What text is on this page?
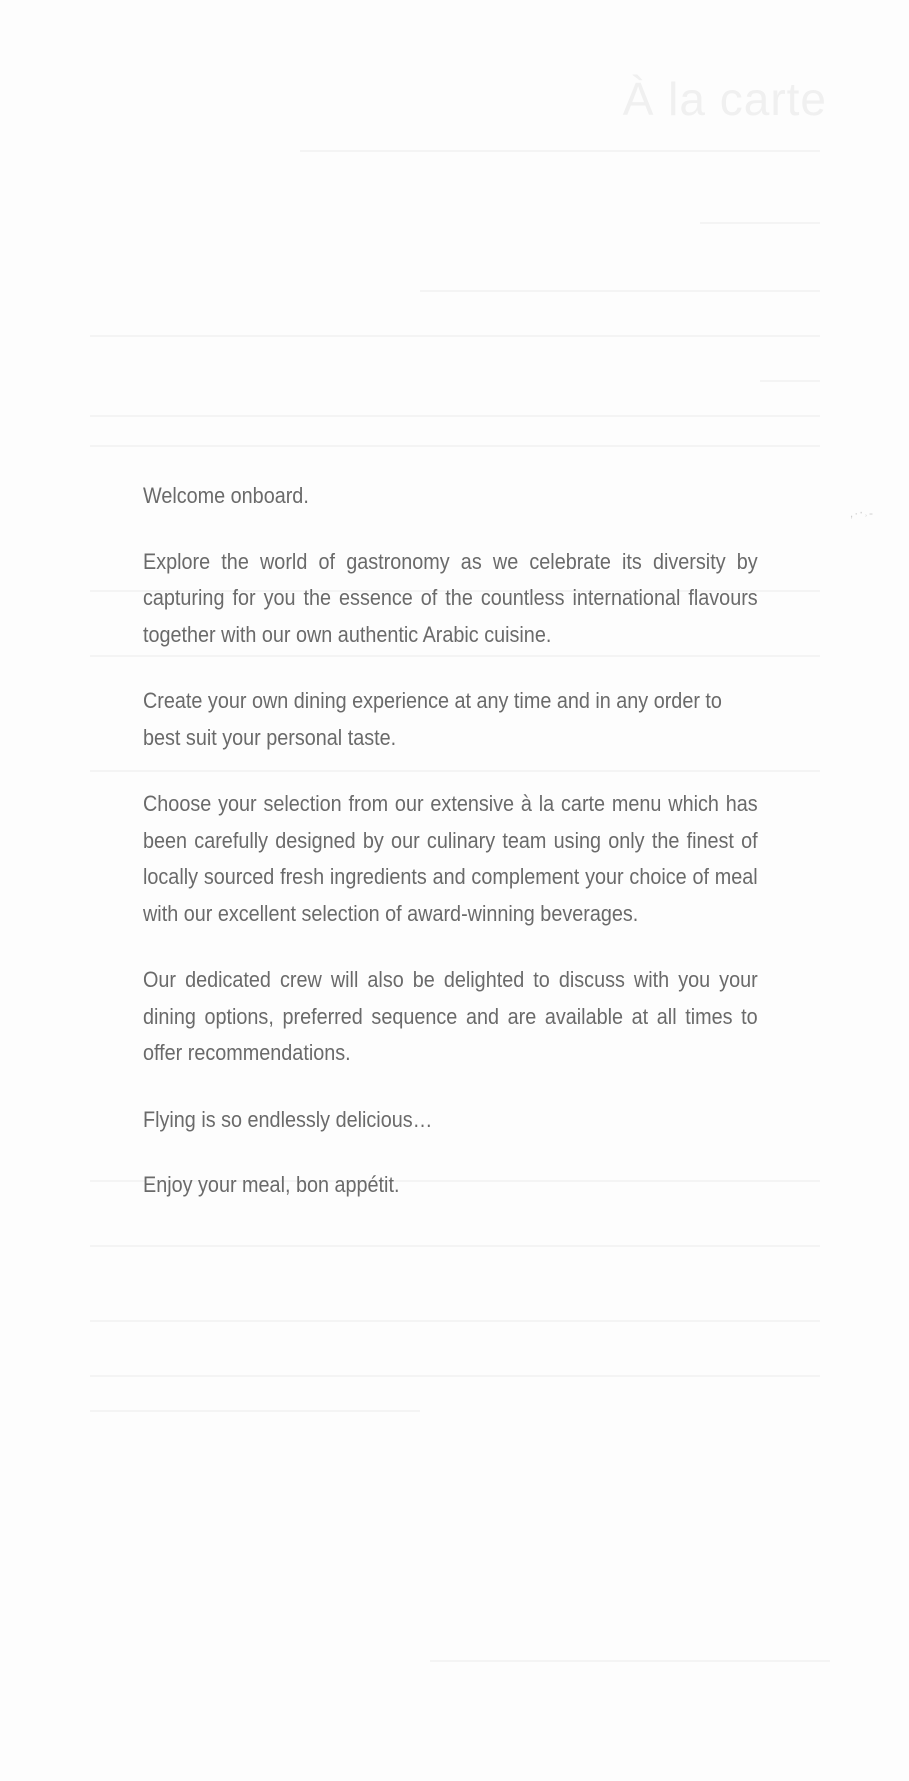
À la carte
,·‧˒-

Welcome onboard.

Explore the world of gastronomy as we celebrate its diversity by capturing for you the essence of the countless international flavours together with our own authentic Arabic cuisine.

Create your own dining experience at any time and in any order to best suit your personal taste.

Choose your selection from our extensive à la carte menu which has been carefully designed by our culinary team using only the finest of locally sourced fresh ingredients and complement your choice of meal with our excellent selection of award-winning beverages.

Our dedicated crew will also be delighted to discuss with you your dining options, preferred sequence and are available at all times to offer recommendations.

Flying is so endlessly delicious…

Enjoy your meal, bon appétit.
